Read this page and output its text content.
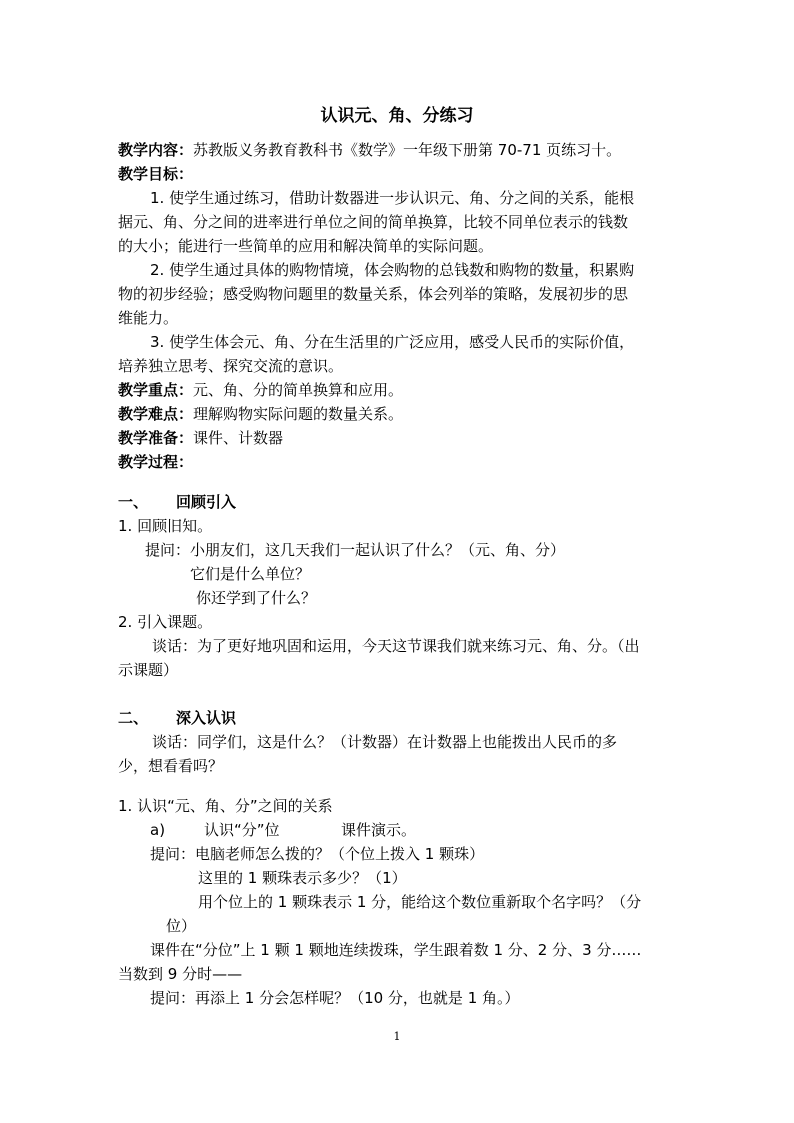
认识元、角、分练习
教学内容：苏教版义务教育教科书《数学》一年级下册第 70-71 页练习十。
教学目标：
1. 使学生通过练习，借助计数器进一步认识元、角、分之间的关系，能根
据元、角、分之间的进率进行单位之间的简单换算，比较不同单位表示的钱数
的大小；能进行一些简单的应用和解决简单的实际问题。
2. 使学生通过具体的购物情境，体会购物的总钱数和购物的数量，积累购
物的初步经验；感受购物问题里的数量关系，体会列举的策略，发展初步的思
维能力。
3. 使学生体会元、角、分在生活里的广泛应用，感受人民币的实际价值，
培养独立思考、探究交流的意识。
教学重点：元、角、分的简单换算和应用。
教学难点：理解购物实际问题的数量关系。
教学准备：课件、计数器
教学过程：
一、 回顾引入
1. 回顾旧知。
提问：小朋友们，这几天我们一起认识了什么？（元、角、分）
它们是什么单位？
你还学到了什么？
2. 引入课题。
谈话：为了更好地巩固和运用，今天这节课我们就来练习元、角、分。（出
示课题）
二、 深入认识
谈话：同学们，这是什么？（计数器）在计数器上也能拨出人民币的多
少，想看看吗？
1. 认识“元、角、分”之间的关系
a)	认识“分”位	课件演示。
提问：电脑老师怎么拨的？（个位上拨入 1 颗珠）
这里的 1 颗珠表示多少？（1）
用个位上的 1 颗珠表示 1 分，能给这个数位重新取个名字吗？（分
位）
课件在“分位”上 1 颗 1 颗地连续拨珠，学生跟着数 1 分、2 分、3 分……
当数到 9 分时——
提问：再添上 1 分会怎样呢？（10 分，也就是 1 角。）
1
